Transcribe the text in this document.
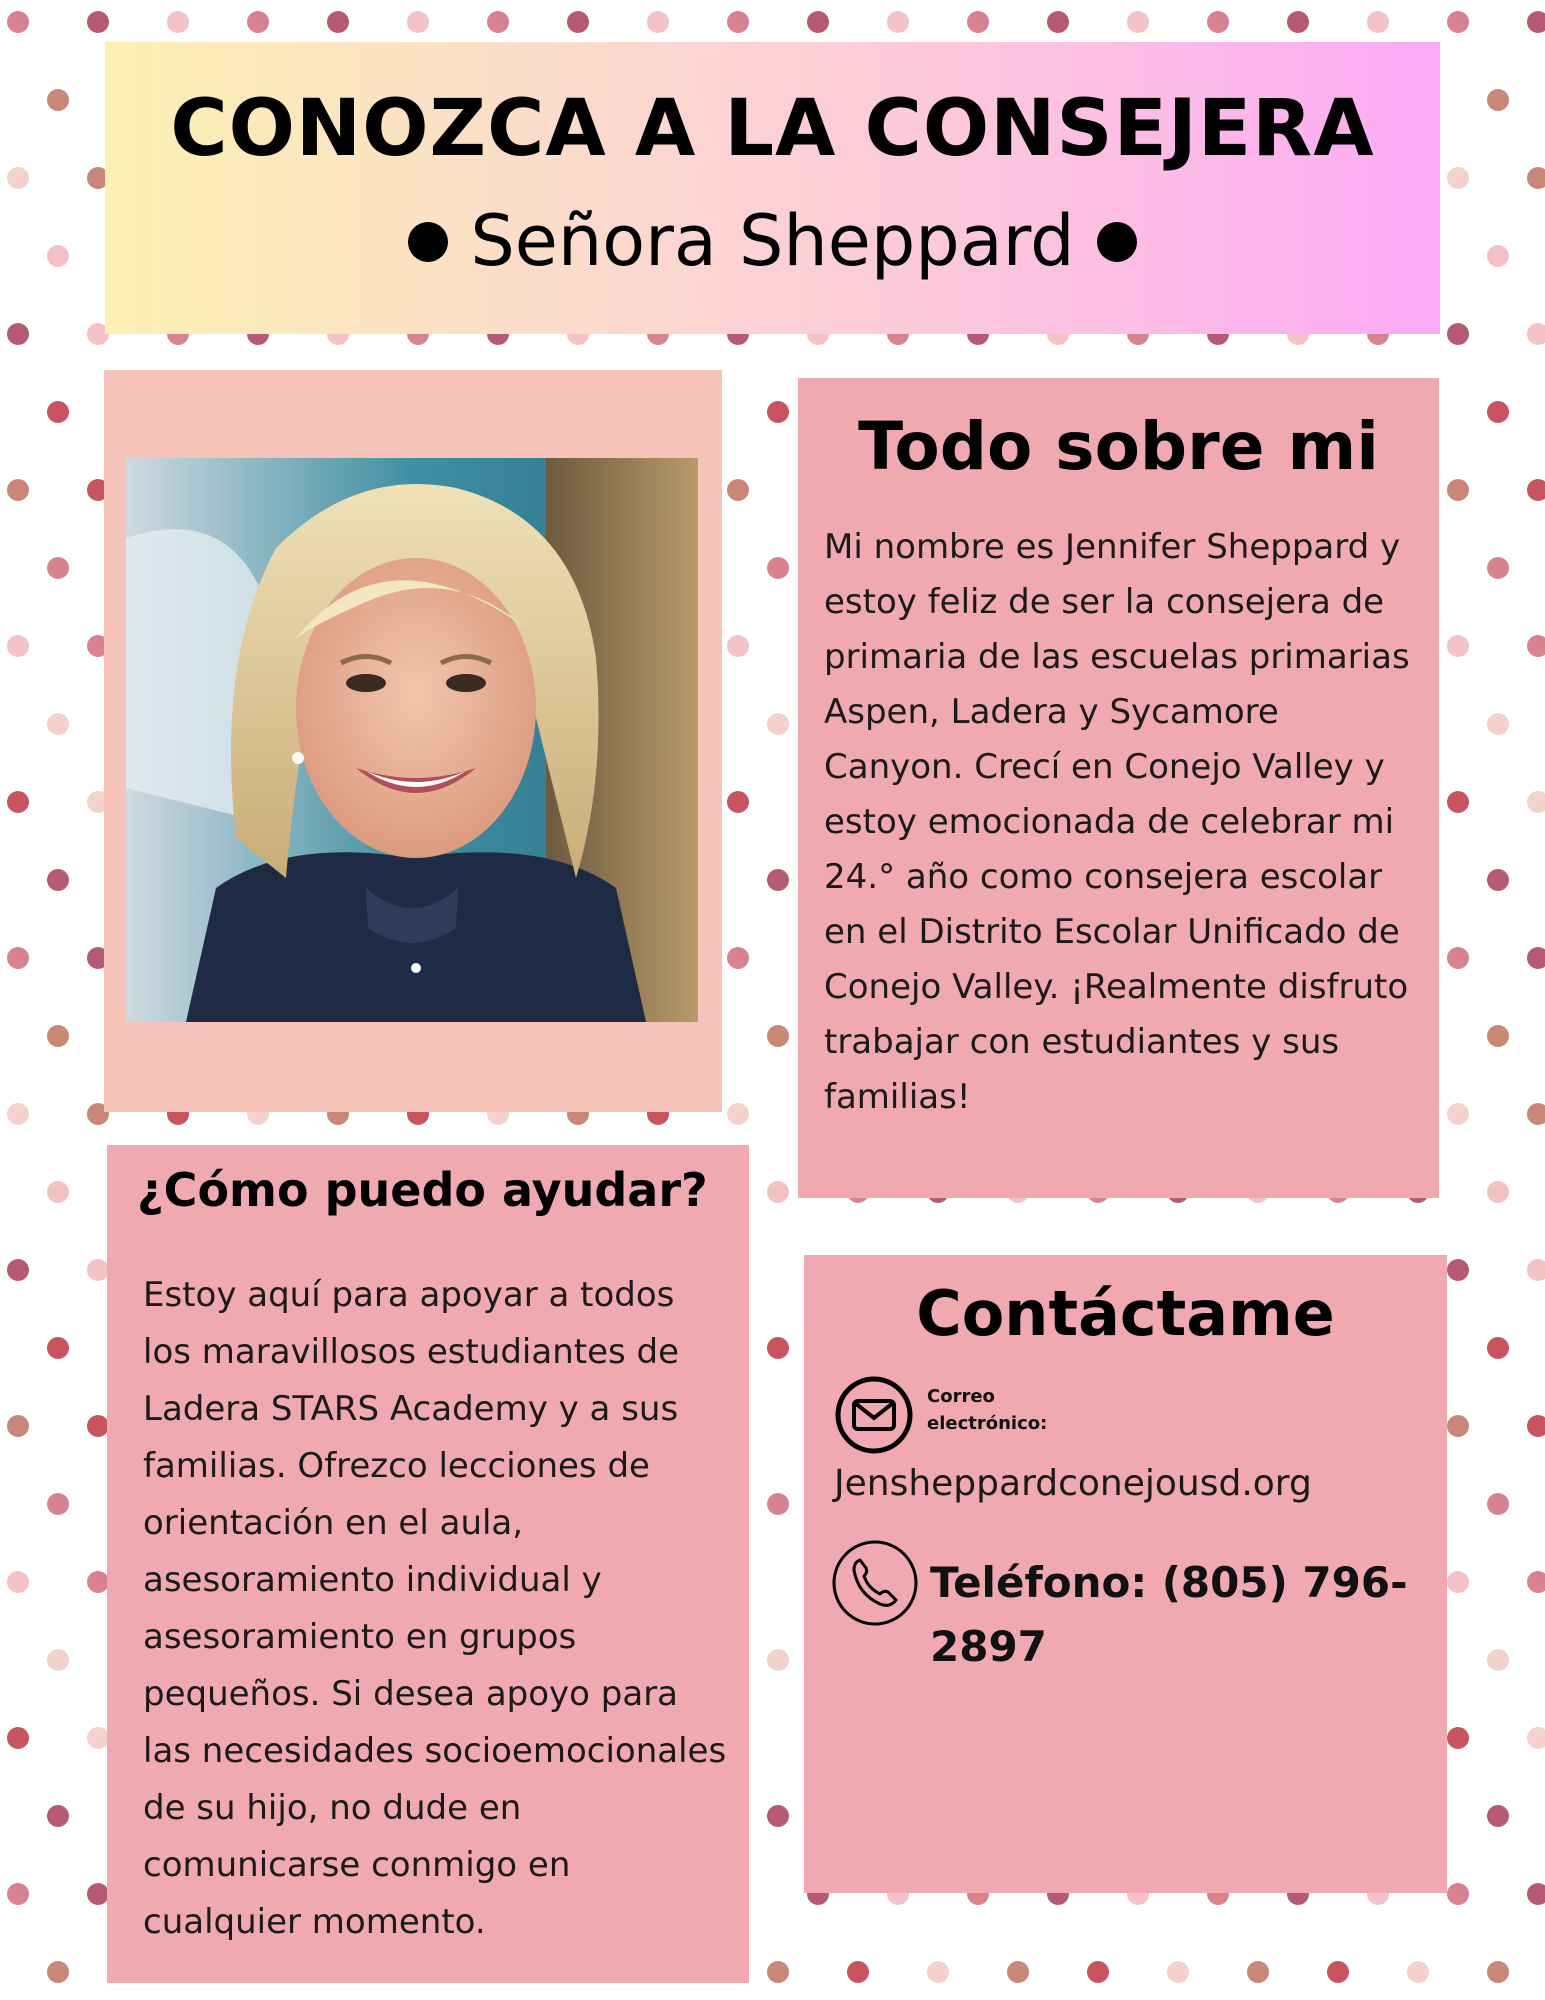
CONOZCA A LA CONSEJERA
Señora Sheppard
Todo sobre mi
Mi nombre es Jennifer Sheppard y estoy feliz de ser la consejera de primaria de las escuelas primarias Aspen, Ladera y Sycamore Canyon. Crecí en Conejo Valley y estoy emocionada de celebrar mi 24.° año como consejera escolar en el Distrito Escolar Unificado de Conejo Valley. ¡Realmente disfruto trabajar con estudiantes y sus familias!
¿Cómo puedo ayudar?
Estoy aquí para apoyar a todos los maravillosos estudiantes de Ladera STARS Academy y a sus familias. Ofrezco lecciones de orientación en el aula, asesoramiento individual y asesoramiento en grupos pequeños. Si desea apoyo para las necesidades socioemocionales de su hijo, no dude en comunicarse conmigo en cualquier momento.
Contáctame
Correo electrónico:
Jensheppardconejousd.org
Teléfono: (805) 796-2897
